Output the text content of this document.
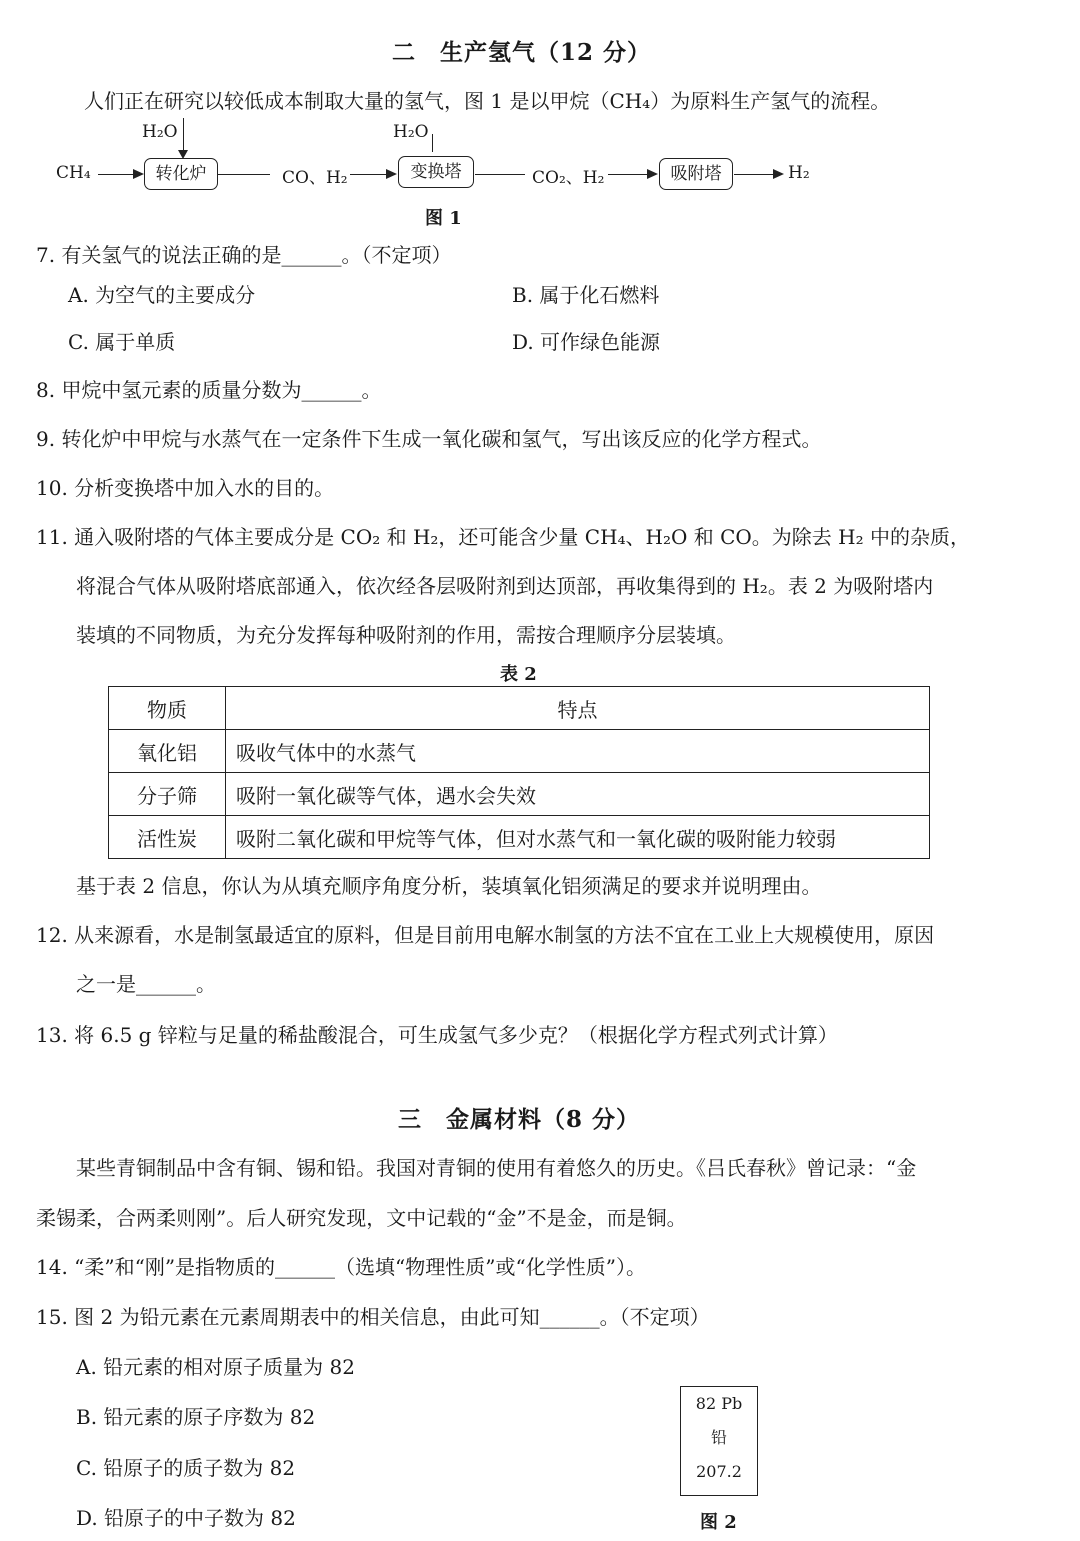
二　生产氢气（12 分）
人们正在研究以较低成本制取大量的氢气，图 1 是以甲烷（CH₄）为原料生产氢气的流程。
CH₄	转化炉
H₂O
CO、H₂	变换塔
H₂O
CO₂、H₂	吸附塔	H₂
图 1
7. 有关氢气的说法正确的是______。（不定项）
A. 为空气的主要成分	B. 属于化石燃料
C. 属于单质	D. 可作绿色能源
8. 甲烷中氢元素的质量分数为______。
9. 转化炉中甲烷与水蒸气在一定条件下生成一氧化碳和氢气，写出该反应的化学方程式。
10. 分析变换塔中加入水的目的。
11. 通入吸附塔的气体主要成分是 CO₂ 和 H₂，还可能含少量 CH₄、H₂O 和 CO。为除去 H₂ 中的杂质，
将混合气体从吸附塔底部通入，依次经各层吸附剂到达顶部，再收集得到的 H₂。表 2 为吸附塔内
装填的不同物质，为充分发挥每种吸附剂的作用，需按合理顺序分层装填。
表 2
物质	特点
氧化铝	吸收气体中的水蒸气
分子筛	吸附一氧化碳等气体，遇水会失效
活性炭	吸附二氧化碳和甲烷等气体，但对水蒸气和一氧化碳的吸附能力较弱
基于表 2 信息，你认为从填充顺序角度分析，装填氧化铝须满足的要求并说明理由。
12. 从来源看，水是制氢最适宜的原料，但是目前用电解水制氢的方法不宜在工业上大规模使用，原因
之一是______。
13. 将 6.5 g 锌粒与足量的稀盐酸混合，可生成氢气多少克？（根据化学方程式列式计算）
三　金属材料（8 分）
某些青铜制品中含有铜、锡和铅。我国对青铜的使用有着悠久的历史。《吕氏春秋》曾记录：“金
柔锡柔，合两柔则刚”。后人研究发现，文中记载的“金”不是金，而是铜。
14. “柔”和“刚”是指物质的______（选填“物理性质”或“化学性质”）。
15. 图 2 为铅元素在元素周期表中的相关信息，由此可知______。（不定项）
A. 铅元素的相对原子质量为 82
B. 铅元素的原子序数为 82
C. 铅原子的质子数为 82
D. 铅原子的中子数为 82
82 Pb
铅
207.2
图 2
